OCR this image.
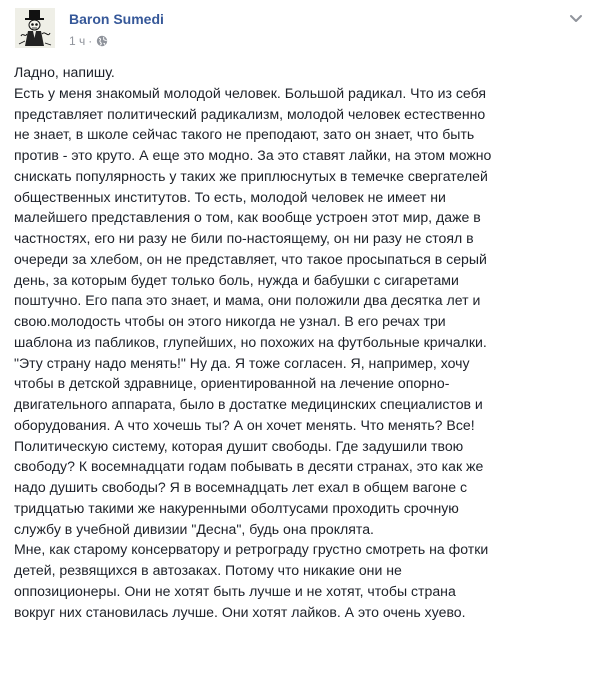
Baron Sumedi
1 ч ·
Ладно, напишу.
Есть у меня знакомый молодой человек. Большой радикал. Что из себя
представляет политический радикализм, молодой человек естественно
не знает, в школе сейчас такого не преподают, зато он знает, что быть
против - это круто. А еще это модно. За это ставят лайки, на этом можно
снискать популярность у таких же приплюснутых в темечке свергателей
общественных институтов. То есть, молодой человек не имеет ни
малейшего представления о том, как вообще устроен этот мир, даже в
частностях, его ни разу не били по-настоящему, он ни разу не стоял в
очереди за хлебом, он не представляет, что такое просыпаться в серый
день, за которым будет только боль, нужда и бабушки с сигаретами
поштучно. Его папа это знает, и мама, они положили два десятка лет и
свою.молодость чтобы он этого никогда не узнал. В его речах три
шаблона из пабликов, глупейших, но похожих на футбольные кричалки.
"Эту страну надо менять!" Ну да. Я тоже согласен. Я, например, хочу
чтобы в детской здравнице, ориентированной на лечение опорно-
двигательного аппарата, было в достатке медицинских специалистов и
оборудования. А что хочешь ты? А он хочет менять. Что менять? Все!
Политическую систему, которая душит свободы. Где задушили твою
свободу? К восемнадцати годам побывать в десяти странах, это как же
надо душить свободы? Я в восемнадцать лет ехал в общем вагоне с
тридцатью такими же накуренными оболтусами проходить срочную
службу в учебной дивизии "Десна", будь она проклята.
Мне, как старому консерватору и ретрограду грустно смотреть на фотки
детей, резвящихся в автозаках. Потому что никакие они не
оппозиционеры. Они не хотят быть лучше и не хотят, чтобы страна
вокруг них становилась лучше. Они хотят лайков. А это очень хуево.
